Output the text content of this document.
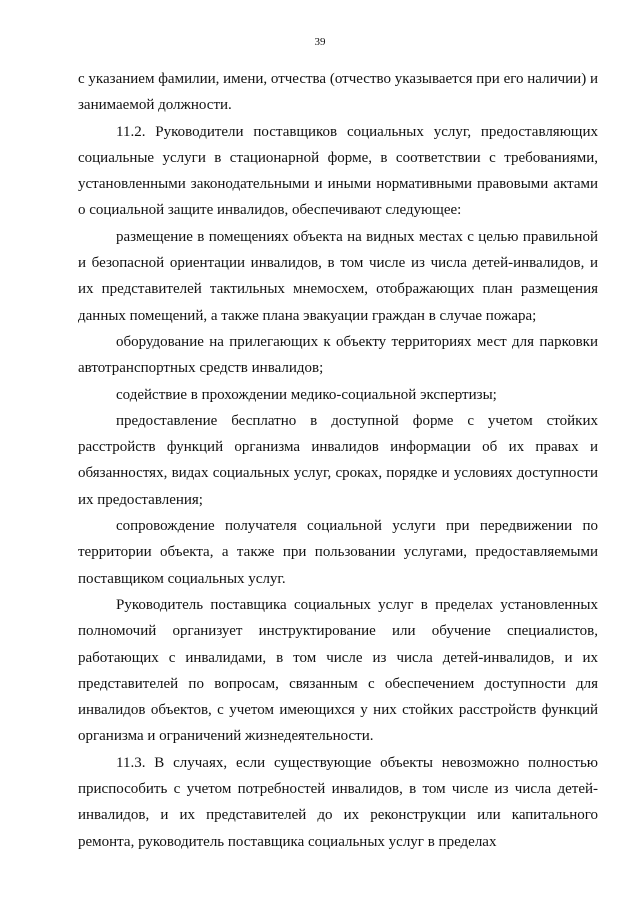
39

с указанием фамилии, имени, отчества (отчество указывается при его наличии) и занимаемой должности.

11.2. Руководители поставщиков социальных услуг, предоставляющих социальные услуги в стационарной форме, в соответствии с требованиями, установленными законодательными и иными нормативными правовыми актами о социальной защите инвалидов, обеспечивают следующее:

размещение в помещениях объекта на видных местах с целью правильной и безопасной ориентации инвалидов, в том числе из числа детей-инвалидов, и их представителей тактильных мнемосхем, отображающих план размещения данных помещений, а также плана эвакуации граждан в случае пожара;

оборудование на прилегающих к объекту территориях мест для парковки автотранспортных средств инвалидов;

содействие в прохождении медико-социальной экспертизы;

предоставление бесплатно в доступной форме с учетом стойких расстройств функций организма инвалидов информации об их правах и обязанностях, видах социальных услуг, сроках, порядке и условиях доступности их предоставления;

сопровождение получателя социальной услуги при передвижении по территории объекта, а также при пользовании услугами, предоставляемыми поставщиком социальных услуг.

Руководитель поставщика социальных услуг в пределах установленных полномочий организует инструктирование или обучение специалистов, работающих с инвалидами, в том числе из числа детей-инвалидов, и их представителей по вопросам, связанным с обеспечением доступности для инвалидов объектов, с учетом имеющихся у них стойких расстройств функций организма и ограничений жизнедеятельности.

11.3. В случаях, если существующие объекты невозможно полностью приспособить с учетом потребностей инвалидов, в том числе из числа детей-инвалидов, и их представителей до их реконструкции или капитального ремонта, руководитель поставщика социальных услуг в пределах
